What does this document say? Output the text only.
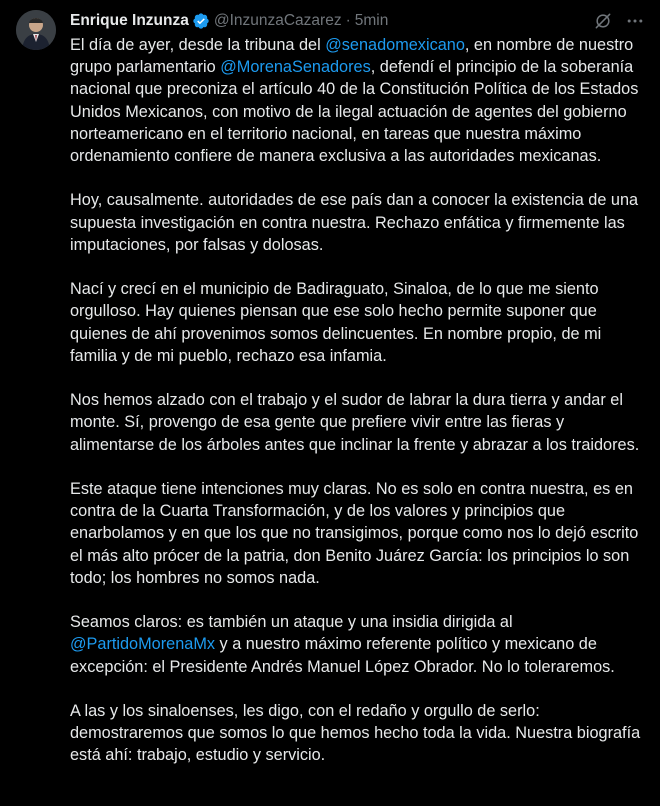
Enrique Inzunza @InzunzaCazarez · 5min

El día de ayer, desde la tribuna del @senadomexicano, en nombre de nuestro grupo parlamentario @MorenaSenadores, defendí el principio de la soberanía nacional que preconiza el artículo 40 de la Constitución Política de los Estados Unidos Mexicanos, con motivo de la ilegal actuación de agentes del gobierno norteamericano en el territorio nacional, en tareas que nuestra máximo ordenamiento confiere de manera exclusiva a las autoridades mexicanas.

Hoy, causalmente. autoridades de ese país dan a conocer la existencia de una supuesta investigación en contra nuestra. Rechazo enfática y firmemente las imputaciones, por falsas y dolosas.

Nací y crecí en el municipio de Badiraguato, Sinaloa, de lo que me siento orgulloso. Hay quienes piensan que ese solo hecho permite suponer que quienes de ahí provenimos somos delincuentes. En nombre propio, de mi familia y de mi pueblo, rechazo esa infamia.

Nos hemos alzado con el trabajo y el sudor de labrar la dura tierra y andar el monte. Sí, provengo de esa gente que prefiere vivir entre las fieras y alimentarse de los árboles antes que inclinar la frente y abrazar a los traidores.

Este ataque tiene intenciones muy claras. No es solo en contra nuestra, es en contra de la Cuarta Transformación, y de los valores y principios que enarbolamos y en que los que no transigimos, porque como nos lo dejó escrito el más alto prócer de la patria, don Benito Juárez García: los principios lo son todo; los hombres no somos nada.

Seamos claros: es también un ataque y una insidia dirigida al @PartidoMorenaMx y a nuestro máximo referente político y mexicano de excepción: el Presidente Andrés Manuel López Obrador. No lo toleraremos.

A las y los sinaloenses, les digo, con el redaño y orgullo de serlo: demostraremos que somos lo que hemos hecho toda la vida. Nuestra biografía está ahí: trabajo, estudio y servicio.
